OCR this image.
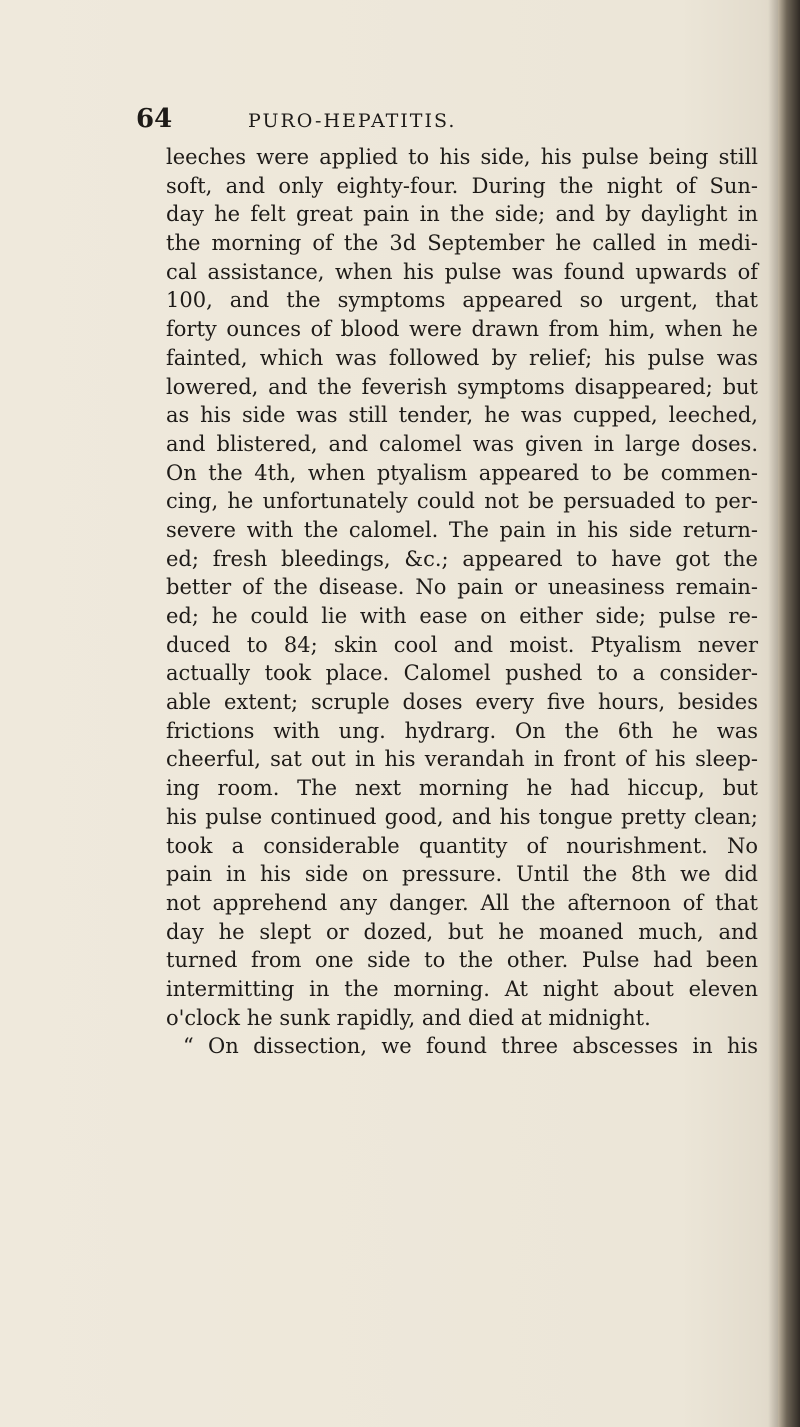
64	PURO-HEPATITIS.
leeches were applied to his side, his pulse being still
soft, and only eighty-four. During the night of Sun-
day he felt great pain in the side; and by daylight in
the morning of the 3d September he called in medi-
cal assistance, when his pulse was found upwards of
100, and the symptoms appeared so urgent, that
forty ounces of blood were drawn from him, when he
fainted, which was followed by relief; his pulse was
lowered, and the feverish symptoms disappeared; but
as his side was still tender, he was cupped, leeched,
and blistered, and calomel was given in large doses.
On the 4th, when ptyalism appeared to be commen-
cing, he unfortunately could not be persuaded to per-
severe with the calomel. The pain in his side return-
ed; fresh bleedings, &c.; appeared to have got the
better of the disease. No pain or uneasiness remain-
ed; he could lie with ease on either side; pulse re-
duced to 84; skin cool and moist. Ptyalism never
actually took place. Calomel pushed to a consider-
able extent; scruple doses every five hours, besides
frictions with ung. hydrarg. On the 6th he was
cheerful, sat out in his verandah in front of his sleep-
ing room. The next morning he had hiccup, but
his pulse continued good, and his tongue pretty clean;
took a considerable quantity of nourishment. No
pain in his side on pressure. Until the 8th we did
not apprehend any danger. All the afternoon of that
day he slept or dozed, but he moaned much, and
turned from one side to the other. Pulse had been
intermitting in the morning. At night about eleven
o'clock he sunk rapidly, and died at midnight.
“ On dissection, we found three abscesses in his
